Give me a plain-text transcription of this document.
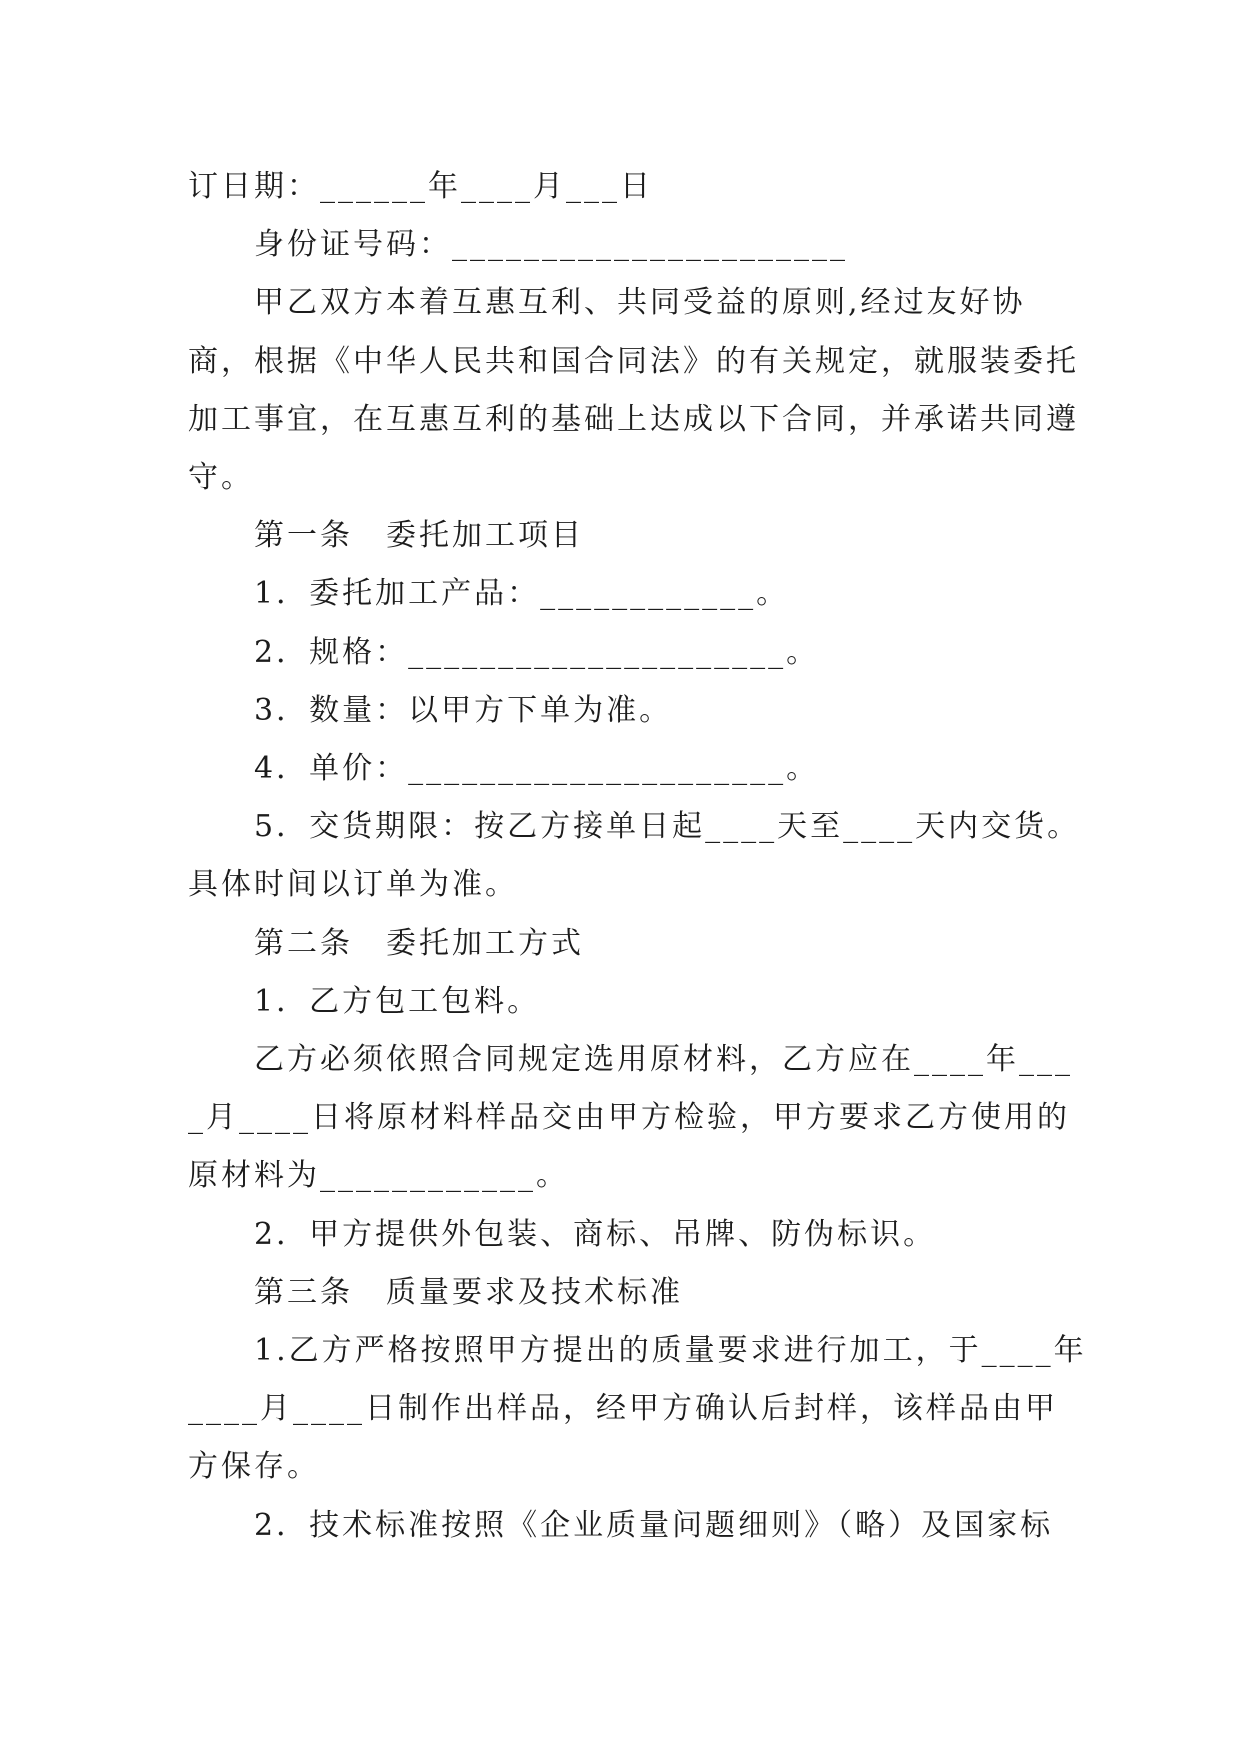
订日期：______年____月___日

身份证号码：______________________

甲乙双方本着互惠互利、共同受益的原则,经过友好协商，根据《中华人民共和国合同法》的有关规定，就服装委托加工事宜，在互惠互利的基础上达成以下合同，并承诺共同遵守。

第一条　委托加工项目

1．委托加工产品：____________。

2．规格：_____________________。

3．数量：以甲方下单为准。

4．单价：_____________________。

5．交货期限：按乙方接单日起____天至____天内交货。具体时间以订单为准。

第二条　委托加工方式

1．乙方包工包料。

乙方必须依照合同规定选用原材料，乙方应在____年____月____日将原材料样品交由甲方检验，甲方要求乙方使用的原材料为____________。

2．甲方提供外包装、商标、吊牌、防伪标识。

第三条　质量要求及技术标准

1.乙方严格按照甲方提出的质量要求进行加工，于____年____月____日制作出样品，经甲方确认后封样，该样品由甲方保存。

2．技术标准按照《企业质量问题细则》（略）及国家标
